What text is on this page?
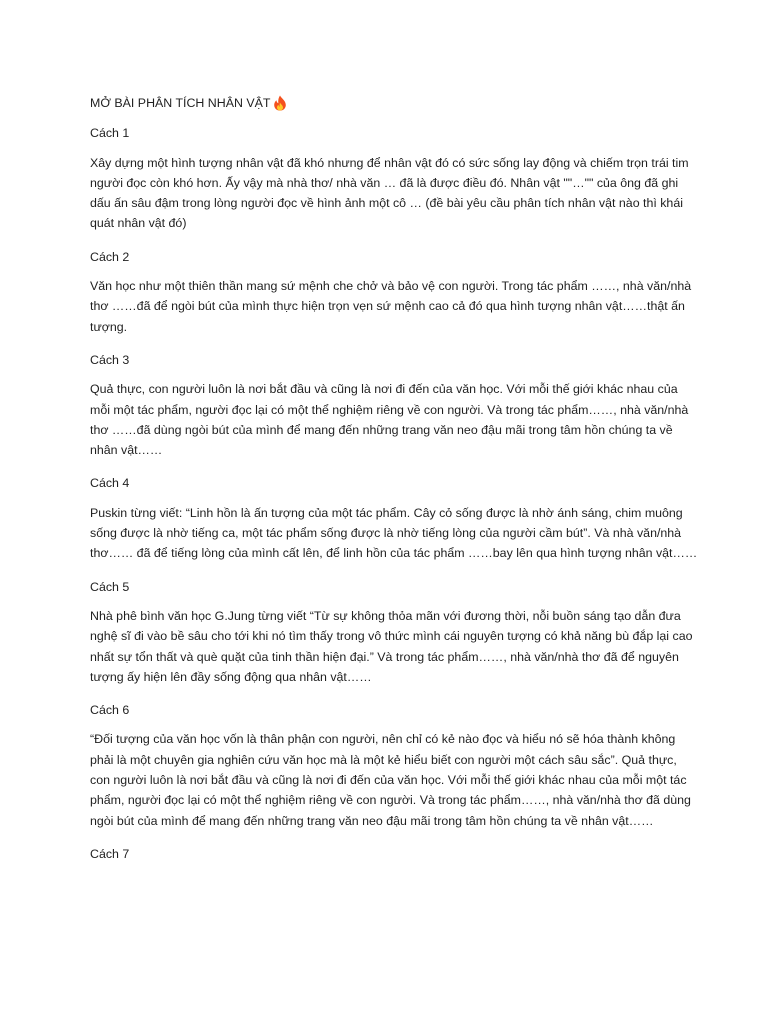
MỞ BÀI PHÂN TÍCH NHÂN VẬT
Cách 1
Xây dựng một hình tượng nhân vật đã khó nhưng để nhân vật đó có sức sống lay động và chiếm trọn trái tim người đọc còn khó hơn. Ấy vậy mà nhà thơ/ nhà văn … đã là được điều đó. Nhân vật ""…"" của ông đã ghi dấu ấn sâu đậm trong lòng người đọc về hình ảnh một cô … (đề bài yêu cầu phân tích nhân vật nào thì khái quát nhân vật đó)
Cách 2
Văn học như một thiên thần mang sứ mệnh che chở và bảo vệ con người. Trong tác phẩm ……, nhà văn/nhà thơ ……đã để ngòi bút của mình thực hiện trọn vẹn sứ mệnh cao cả đó qua hình tượng nhân vật……thật ấn tượng.
Cách 3
Quả thực, con người luôn là nơi bắt đầu và cũng là nơi đi đến của văn học. Với mỗi thế giới khác nhau của mỗi một tác phẩm, người đọc lại có một thể nghiệm riêng về con người. Và trong tác phẩm……, nhà văn/nhà thơ ……đã dùng ngòi bút của mình để mang đến những trang văn neo đậu mãi trong tâm hồn chúng ta về nhân vật……
Cách 4
Puskin từng viết: “Linh hồn là ấn tượng của một tác phẩm. Cây cỏ sống được là nhờ ánh sáng, chim muông sống được là nhờ tiếng ca, một tác phẩm sống được là nhờ tiếng lòng của người cầm bút”. Và nhà văn/nhà thơ…… đã để tiếng lòng của mình cất lên, để linh hồn của tác phẩm ……bay lên qua hình tượng nhân vật……
Cách 5
Nhà phê bình văn học G.Jung từng viết “Từ sự không thỏa mãn với đương thời, nỗi buồn sáng tạo dẫn đưa nghệ sĩ đi vào bề sâu cho tới khi nó tìm thấy trong vô thức mình cái nguyên tượng có khả năng bù đắp lại cao nhất sự tổn thất và què quặt của tinh thần hiện đại.” Và trong tác phẩm……, nhà văn/nhà thơ đã để nguyên tượng ấy hiện lên đầy sống động qua nhân vật……
Cách 6
“Đối tượng của văn học vốn là thân phận con người, nên chỉ có kẻ nào đọc và hiểu nó sẽ hóa thành không phải là một chuyên gia nghiên cứu văn học mà là một kẻ hiểu biết con người một cách sâu sắc”. Quả thực, con người luôn là nơi bắt đầu và cũng là nơi đi đến của văn học. Với mỗi thế giới khác nhau của mỗi một tác phẩm, người đọc lại có một thể nghiệm riêng về con người. Và trong tác phẩm……, nhà văn/nhà thơ đã dùng ngòi bút của mình để mang đến những trang văn neo đậu mãi trong tâm hồn chúng ta về nhân vật……
Cách 7
